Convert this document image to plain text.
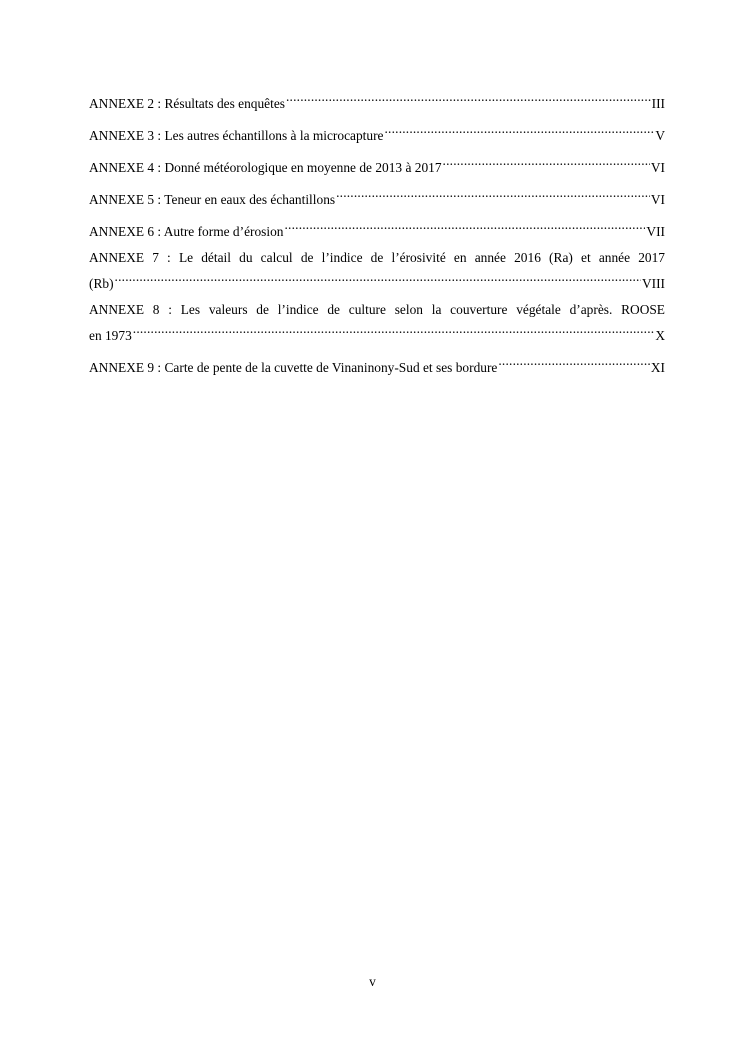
ANNEXE 2 : Résultats des enquêtes .....	III
ANNEXE 3 : Les autres échantillons à la microcapture .....	V
ANNEXE 4 : Donné météorologique en moyenne de 2013 à 2017 .....	VI
ANNEXE 5 : Teneur en eaux des échantillons .....	VI
ANNEXE 6 : Autre forme d’érosion .....	VII
ANNEXE 7 : Le détail du calcul de l’indice de l’érosivité en année 2016 (Ra) et année 2017
(Rb) .....	VIII
ANNEXE 8 : Les valeurs de l’indice de culture selon la couverture végétale d’après. ROOSE
en 1973 .....	X
ANNEXE 9 : Carte de pente de la cuvette de Vinaninony-Sud et ses bordure .....	XI
v
